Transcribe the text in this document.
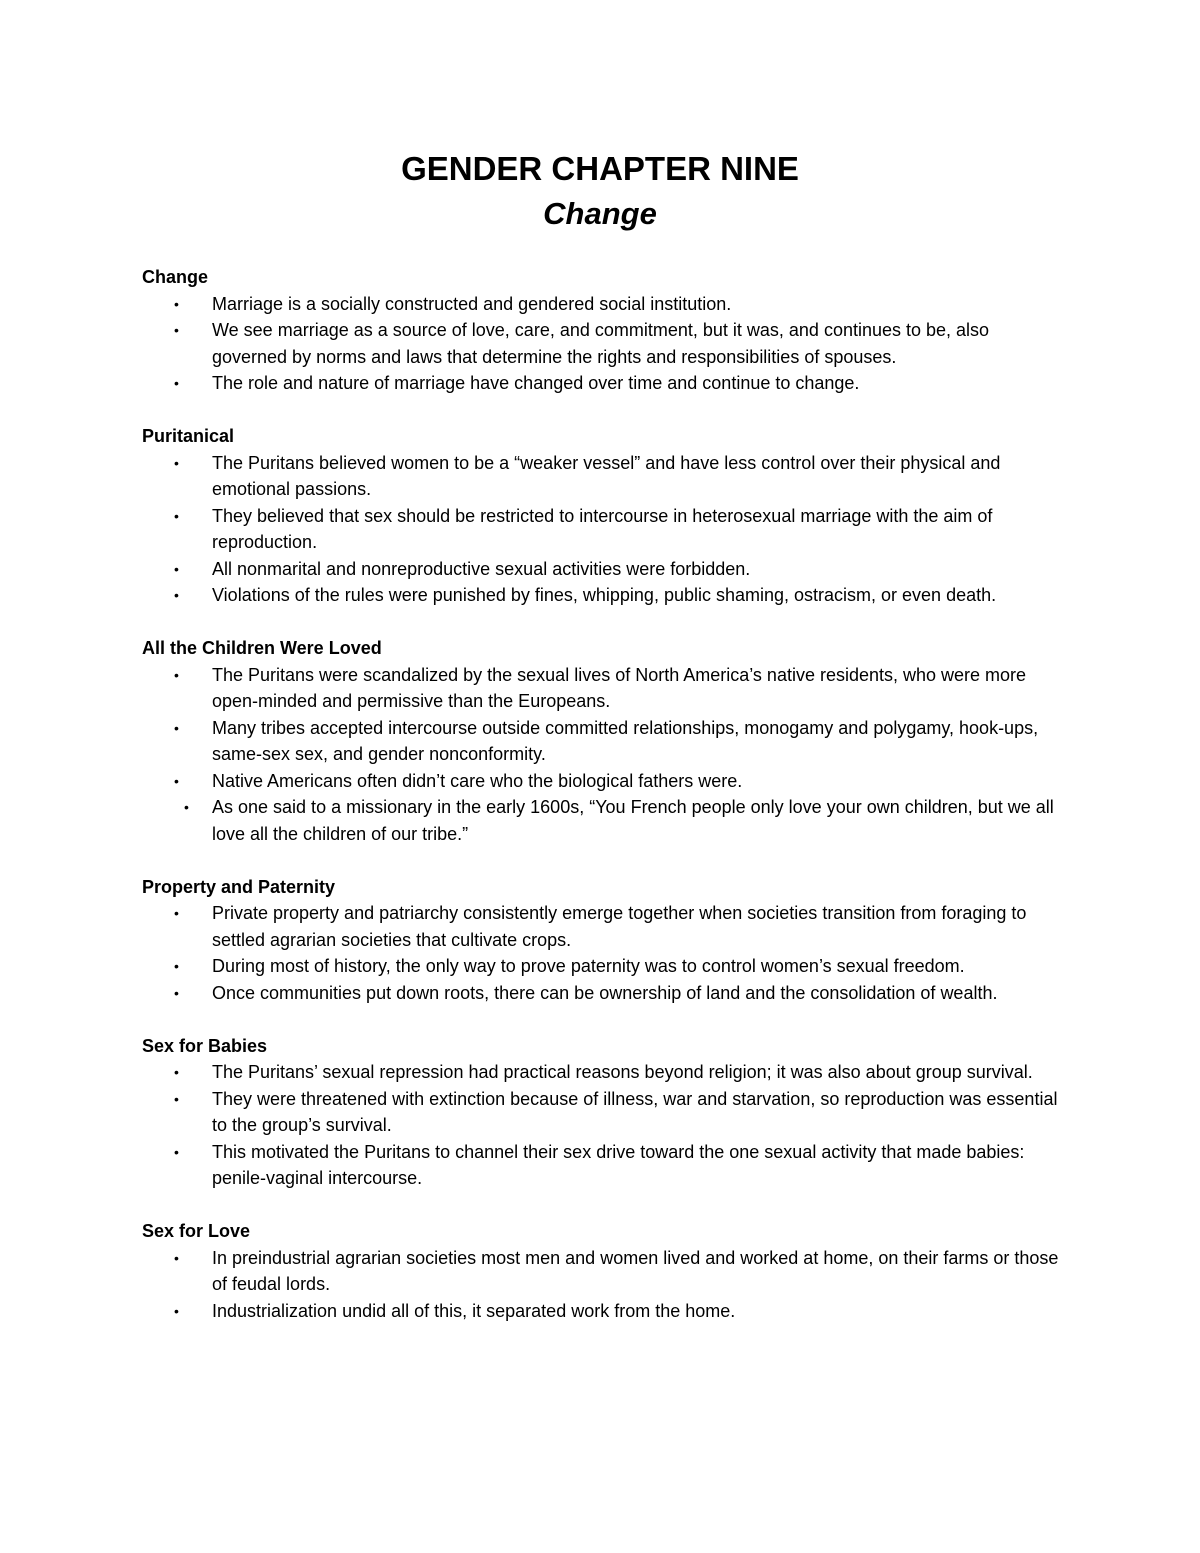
GENDER CHAPTER NINE
Change

Change

• Marriage is a socially constructed and gendered social institution.
• We see marriage as a source of love, care, and commitment, but it was, and continues to be, also governed by norms and laws that determine the rights and responsibilities of spouses.
• The role and nature of marriage have changed over time and continue to change.

Puritanical

• The Puritans believed women to be a “weaker vessel” and have less control over their physical and emotional passions.
• They believed that sex should be restricted to intercourse in heterosexual marriage with the aim of reproduction.
• All nonmarital and nonreproductive sexual activities were forbidden.
• Violations of the rules were punished by fines, whipping, public shaming, ostracism, or even death.

All the Children Were Loved

• The Puritans were scandalized by the sexual lives of North America’s native residents, who were more open-minded and permissive than the Europeans.
• Many tribes accepted intercourse outside committed relationships, monogamy and polygamy, hook-ups, same-sex sex, and gender nonconformity.
• Native Americans often didn’t care who the biological fathers were.
• As one said to a missionary in the early 1600s, “You French people only love your own children, but we all love all the children of our tribe.”

Property and Paternity

• Private property and patriarchy consistently emerge together when societies transition from foraging to settled agrarian societies that cultivate crops.
• During most of history, the only way to prove paternity was to control women’s sexual freedom.
• Once communities put down roots, there can be ownership of land and the consolidation of wealth.

Sex for Babies

• The Puritans’ sexual repression had practical reasons beyond religion; it was also about group survival.
• They were threatened with extinction because of illness, war and starvation, so reproduction was essential to the group’s survival.
• This motivated the Puritans to channel their sex drive toward the one sexual activity that made babies: penile-vaginal intercourse.

Sex for Love

• In preindustrial agrarian societies most men and women lived and worked at home, on their farms or those of feudal lords.
• Industrialization undid all of this, it separated work from the home.
